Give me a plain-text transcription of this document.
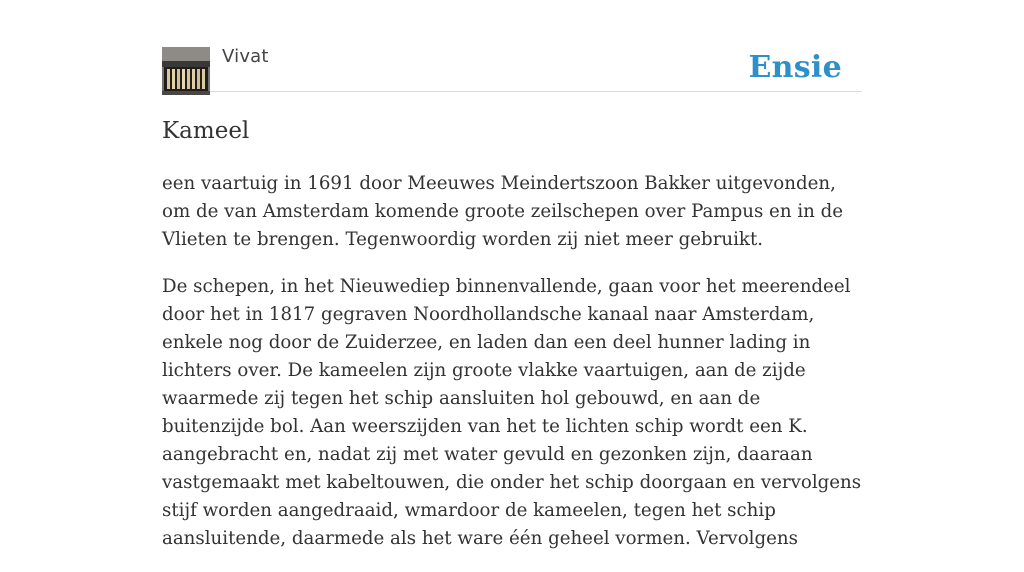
Vivat	Ensie
Kameel

een vaartuig in 1691 door Meeuwes Meindertszoon Bakker uitgevonden, om de van Amsterdam komende groote zeilschepen over Pampus en in de Vlieten te brengen. Tegenwoordig worden zij niet meer gebruikt.

De schepen, in het Nieuwediep binnenvallende, gaan voor het meerendeel door het in 1817 gegraven Noordhollandsche kanaal naar Amsterdam, enkele nog door de Zuiderzee, en laden dan een deel hunner lading in lichters over. De kameelen zijn groote vlakke vaartuigen, aan de zijde waarmede zij tegen het schip aansluiten hol gebouwd, en aan de buitenzijde bol. Aan weerszijden van het te lichten schip wordt een K. aangebracht en, nadat zij met water gevuld en gezonken zijn, daaraan vastgemaakt met kabeltouwen, die onder het schip doorgaan en vervolgens stijf worden aangedraaid, wmardoor de kameelen, tegen het schip aansluitende, daarmede als het ware één geheel vormen. Vervolgens
